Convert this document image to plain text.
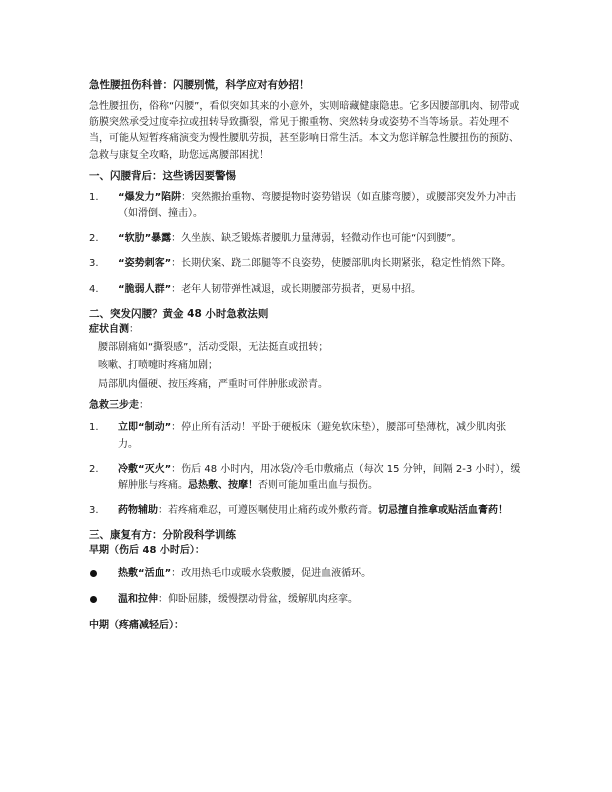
急性腰扭伤科普：闪腰别慌，科学应对有妙招！
急性腰扭伤，俗称“闪腰”，看似突如其来的小意外，实则暗藏健康隐患。它多因腰部肌肉、韧带或筋膜突然承受过度牵拉或扭转导致撕裂，常见于搬重物、突然转身或姿势不当等场景。若处理不当，可能从短暂疼痛演变为慢性腰肌劳损，甚至影响日常生活。本文为您详解急性腰扭伤的预防、急救与康复全攻略，助您远离腰部困扰！
一、闪腰背后：这些诱因要警惕
1. “爆发力”陷阱：突然搬抬重物、弯腰提物时姿势错误（如直膝弯腰），或腰部突发外力冲击（如滑倒、撞击）。
2. “软肋”暴露：久坐族、缺乏锻炼者腰肌力量薄弱，轻微动作也可能“闪到腰”。
3. “姿势刺客”：长期伏案、跷二郎腿等不良姿势，使腰部肌肉长期紧张，稳定性悄然下降。
4. “脆弱人群”：老年人韧带弹性减退，或长期腰部劳损者，更易中招。
二、突发闪腰？黄金 48 小时急救法则
症状自测：
腰部剧痛如“撕裂感”，活动受限，无法挺直或扭转；
咳嗽、打喷嚏时疼痛加剧；
局部肌肉僵硬、按压疼痛，严重时可伴肿胀或淤青。
急救三步走：
1. 立即“制动”：停止所有活动！平卧于硬板床（避免软床垫），腰部可垫薄枕，减少肌肉张力。
2. 冷敷“灭火”：伤后 48 小时内，用冰袋/冷毛巾敷痛点（每次 15 分钟，间隔 2-3 小时），缓解肿胀与疼痛。忌热敷、按摩！否则可能加重出血与损伤。
3. 药物辅助：若疼痛难忍，可遵医嘱使用止痛药或外敷药膏。切忌擅自推拿或贴活血膏药！
三、康复有方：分阶段科学训练
早期（伤后 48 小时后）：
热敷“活血”：改用热毛巾或暖水袋敷腰，促进血液循环。
温和拉伸：仰卧屈膝，缓慢摆动骨盆，缓解肌肉痉挛。
中期（疼痛减轻后）：
